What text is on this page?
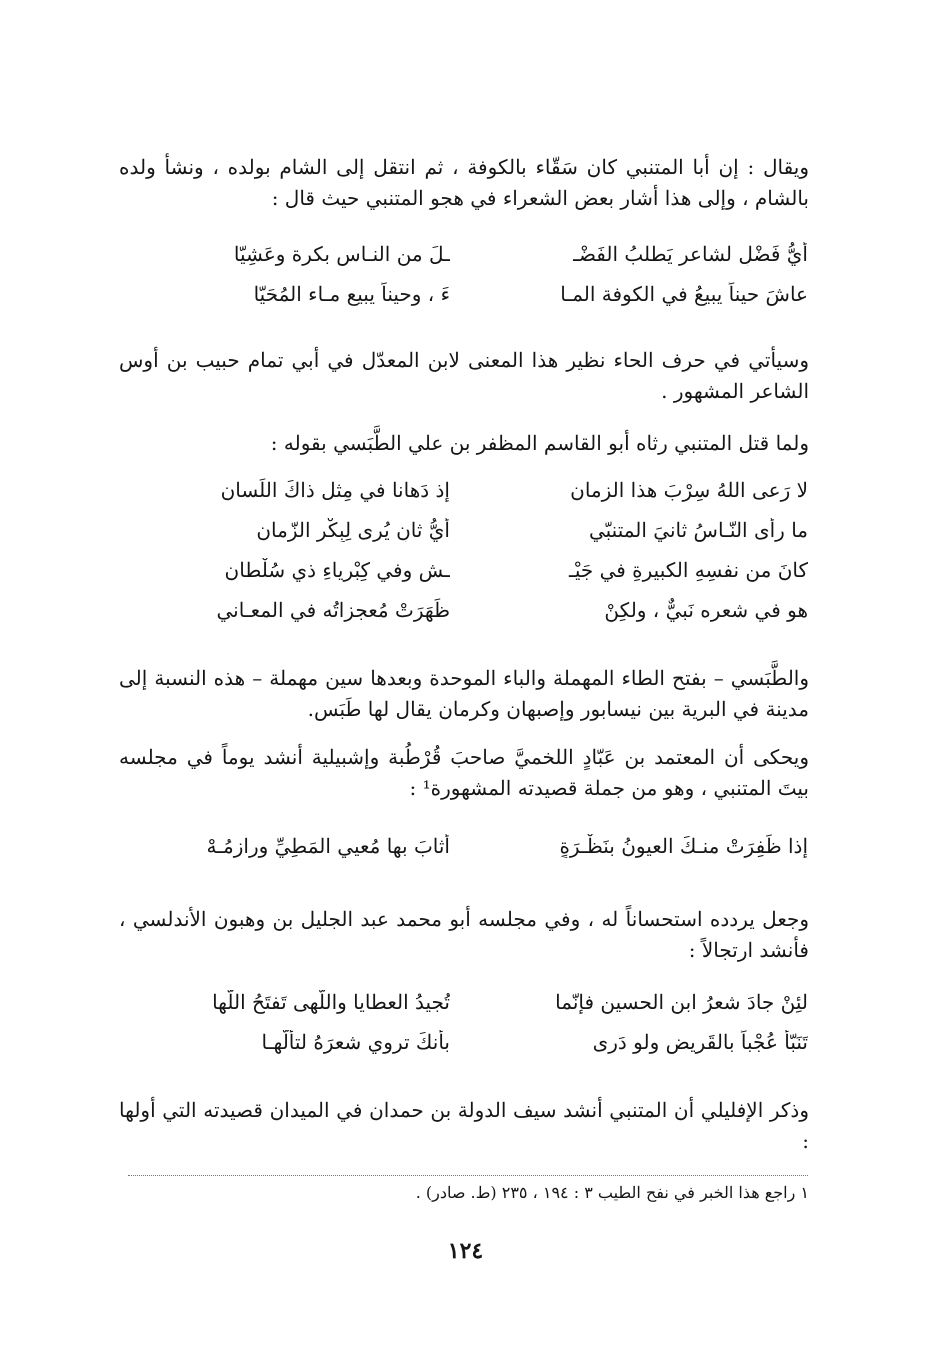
ويقال : إن أبا المتنبي كان سَقّاء بالكوفة ، ثم انتقل إلى الشام بولده ، ونشأ ولده بالشام ، وإلى هذا أشار بعض الشعراء في هجو المتنبي حيث قال :

أيُّ فَضْلٍ لشاعرٍ يَطلبُ الفَضْـ
ـلَ من النـاس بكرة وعَشِيّا
عاشَ حيناً يبيعُ في الكوفة المـا
ءَ ، وحيناً يبيع مـاء المُحَيّا

وسيأتي في حرف الحاء نظير هذا المعنى لابن المعدّل في أبي تمام حبيب بن أوس الشاعر المشهور .

ولما قتل المتنبي رثاه أبو القاسم المظفر بن علي الطَّبَسي بقوله :

لا رَعى اللهُ سِرْبَ هذا الزمانِ
إذ دَهانا في مِثلِ ذاكَ اللِّسانِ
ما رأى النّـاسُ ثانيَ المتنبّي
أيُّ ثانٍ يُرى لِبِكْرِ الزّمانِ
كانَ من نفسِهِ الكبيرةِ في جَيْـ
ـشٍ وفي كِبْرياءِ ذي سُلْطانِ
هو في شعرِه نَبيٌّ ، ولكِنْ
ظَهَرَتْ مُعجزاتُه في المعـاني

والطَّبَسي – بفتح الطاء المهملة والباء الموحدة وبعدها سين مهملة – هذه النسبة إلى مدينة في البرية بين نيسابور وإصبهان وكرمان يقال لها طَبَس.

ويحكى أن المعتمد بن عَبّادٍ اللخميَّ صاحبَ قُرْطُبة وإشبيلية أنشد يوماً في مجلسه بيتَ المتنبي ، وهو من جملة قصيدته المشهورة¹ :

إذا ظَفِرَتْ منـكَ العيونُ بنَظْـرَةٍ
أثابَ بها مُعيي المَطِيِّ ورازِمُـهْ

وجعل يردده استحساناً له ، وفي مجلسه أبو محمد عبد الجليل بن وهبون الأندلسي ، فأنشد ارتجالاً :

لئِنْ جادَ شعرُ ابنِ الحسينِ فإنّما
تُجيدُ العطايا واللُّهى تَفتَحُ اللَّها
تَنَبّأَ عُجْباً بالقَريضِ ولو دَرى
بأنكَ تروي شعرَهُ لتألّهـا

وذكر الإفليلي أن المتنبي أنشد سيف الدولة بن حمدان في الميدان قصيدته التي أولها :

١ راجع هذا الخبر في نفح الطيب ٣ : ١٩٤ ، ٢٣٥ (ط. صادر) .

١٢٤
